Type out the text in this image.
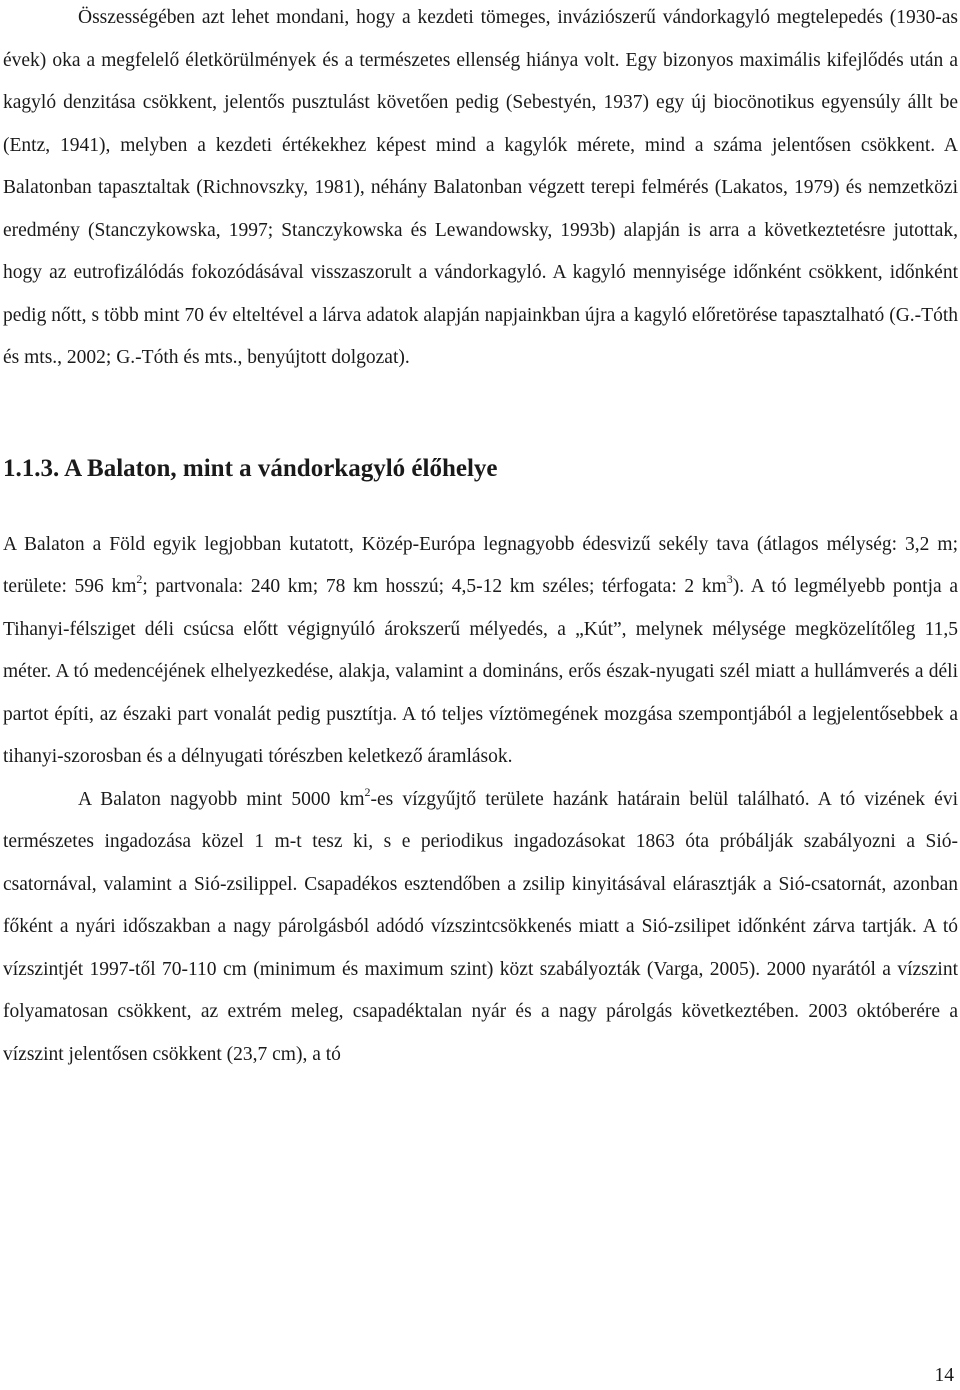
Összességében azt lehet mondani, hogy a kezdeti tömeges, inváziószerű vándorkagyló megtelepedés (1930-as évek) oka a megfelelő életkörülmények és a természetes ellenség hiánya volt. Egy bizonyos maximális kifejlődés után a kagyló denzitása csökkent, jelentős pusztulást követően pedig (Sebestyén, 1937) egy új biocönotikus egyensúly állt be (Entz, 1941), melyben a kezdeti értékekhez képest mind a kagylók mérete, mind a száma jelentősen csökkent. A Balatonban tapasztaltak (Richnovszky, 1981), néhány Balatonban végzett terepi felmérés (Lakatos, 1979) és nemzetközi eredmény (Stanczykowska, 1997; Stanczykowska és Lewandowsky, 1993b) alapján is arra a következtetésre jutottak, hogy az eutrofizálódás fokozódásával visszaszorult a vándorkagyló. A kagyló mennyisége időnként csökkent, időnként pedig nőtt, s több mint 70 év elteltével a lárva adatok alapján napjainkban újra a kagyló előretörése tapasztalható (G.-Tóth és mts., 2002; G.-Tóth és mts., benyújtott dolgozat).

1.1.3. A Balaton, mint a vándorkagyló élőhelye

A Balaton a Föld egyik legjobban kutatott, Közép-Európa legnagyobb édesvizű sekély tava (átlagos mélység: 3,2 m; területe: 596 $km^2$; partvonala: 240 km; 78 km hosszú; 4,5-12 km széles; térfogata: 2 $km^3$). A tó legmélyebb pontja a Tihanyi-félsziget déli csúcsa előtt végignyúló árokszerű mélyedés, a „Kút”, melynek mélysége megközelítőleg 11,5 méter. A tó medencéjének elhelyezkedése, alakja, valamint a domináns, erős észak-nyugati szél miatt a hullámverés a déli partot építi, az északi part vonalát pedig pusztítja. A tó teljes víztömegének mozgása szempontjából a legjelentősebbek a tihanyi-szorosban és a délnyugati tórészben keletkező áramlások.

A Balaton nagyobb mint 5000 $km^2-es$ vízgyűjtő területe hazánk határain belül található. A tó vizének évi természetes ingadozása közel 1 m-t tesz ki, s e periodikus ingadozásokat 1863 óta próbálják szabályozni a Sió-csatornával, valamint a Sió-zsilippel. Csapadékos esztendőben a zsilip kinyitásával elárasztják a Sió-csatornát, azonban főként a nyári időszakban a nagy párolgásból adódó vízszintcsökkenés miatt a Sió-zsilipet időnként zárva tartják. A tó vízszintjét 1997-től 70-110 cm (minimum és maximum szint) közt szabályozták (Varga, 2005). 2000 nyarától a vízszint folyamatosan csökkent, az extrém meleg, csapadéktalan nyár és a nagy párolgás következtében. 2003 októberére a vízszint jelentősen csökkent (23,7 cm), a tó

14
